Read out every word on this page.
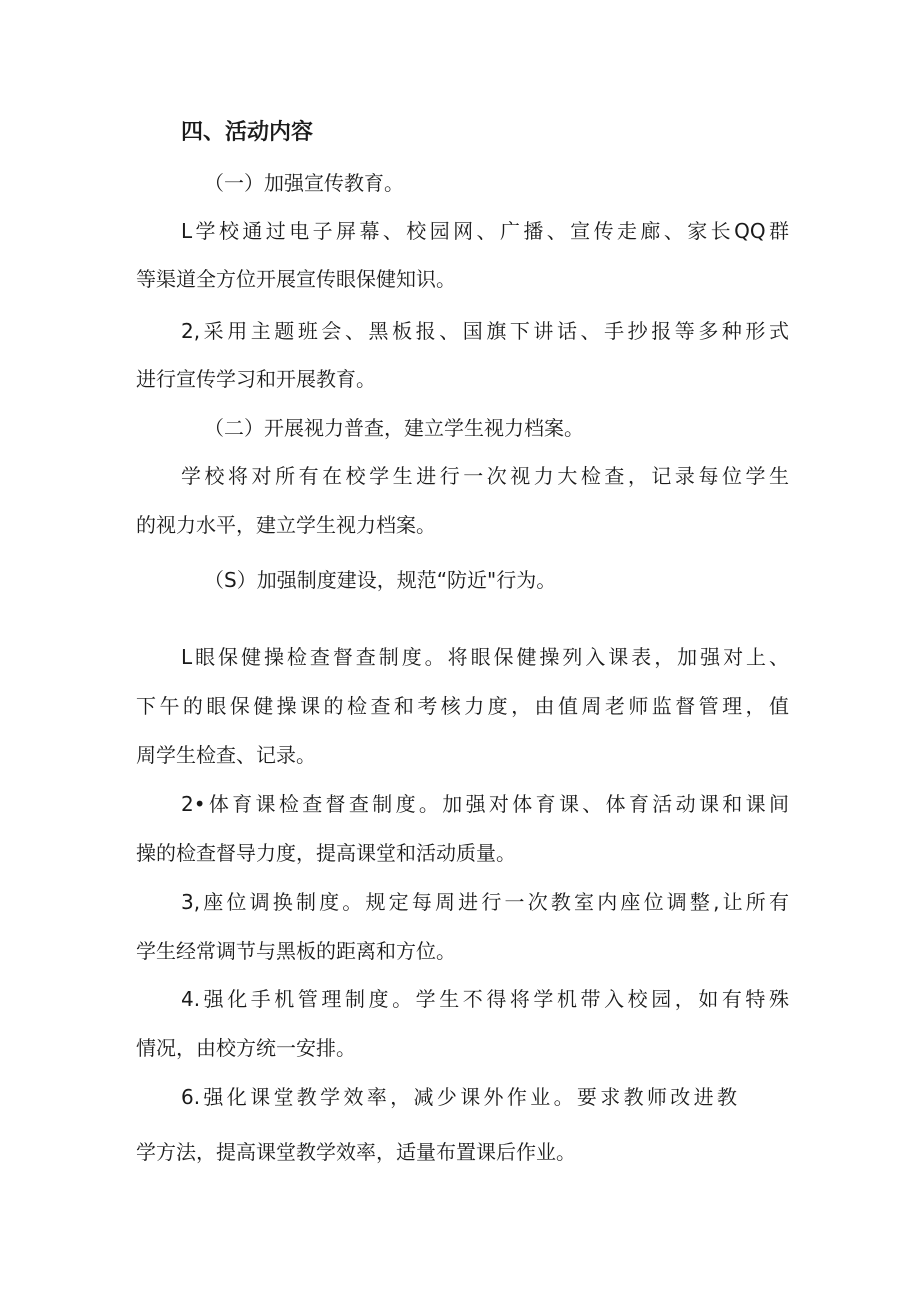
四、活动内容
（一）加强宣传教育。
L学校通过电子屏幕、校园网、广播、宣传走廊、家长QQ群
等渠道全方位开展宣传眼保健知识。
2,采用主题班会、黑板报、国旗下讲话、手抄报等多种形式
进行宣传学习和开展教育。
（二）开展视力普查，建立学生视力档案。
学校将对所有在校学生进行一次视力大检查，记录每位学生
的视力水平，建立学生视力档案。
（S）加强制度建设，规范“防近"行为。
L眼保健操检查督查制度。将眼保健操列入课表，加强对上、
下午的眼保健操课的检查和考核力度，由值周老师监督管理，值
周学生检查、记录。
2•体育课检查督查制度。加强对体育课、体育活动课和课间
操的检查督导力度，提高课堂和活动质量。
3,座位调换制度。规定每周进行一次教室内座位调整,让所有
学生经常调节与黑板的距离和方位。
4.强化手机管理制度。学生不得将学机带入校园，如有特殊
情况，由校方统一安排。
6.强化课堂教学效率，减少课外作业。要求教师改进教
学方法，提高课堂教学效率，适量布置课后作业。
